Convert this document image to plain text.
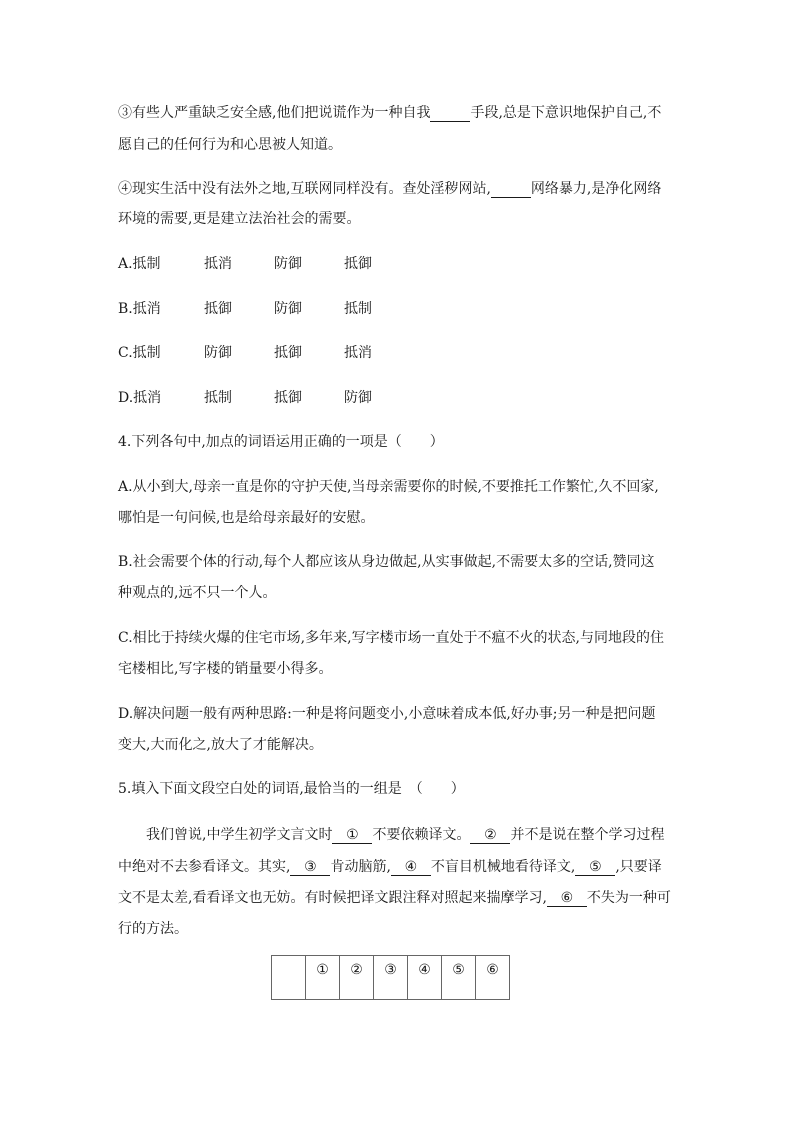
③有些人严重缺乏安全感,他们把说谎作为一种自我	手段,总是下意识地保护自己,不
愿自己的任何行为和心思被人知道。
④现实生活中没有法外之地,互联网同样没有。查处淫秽网站,	网络暴力,是净化网络
环境的需要,更是建立法治社会的需要。
A.抵制	抵消	防御	抵御
B.抵消	抵御	防御	抵制
C.抵制	防御	抵御	抵消
D.抵消	抵制	抵御	防御
4.下列各句中,加点的词语运用正确的一项是（　　）
A.从小到大,母亲一直是你的守护天使,当母亲需要你的时候,不要推托工作繁忙,久不回家,
哪怕是一句问候,也是给母亲最好的安慰。
B.社会需要个体的行动,每个人都应该从身边做起,从实事做起,不需要太多的空话,赞同这
种观点的,远不只一个人。
C.相比于持续火爆的住宅市场,多年来,写字楼市场一直处于不瘟不火的状态,与同地段的住
宅楼相比,写字楼的销量要小得多。
D.解决问题一般有两种思路:一种是将问题变小,小意味着成本低,好办事;另一种是把问题
变大,大而化之,放大了才能解决。
5.填入下面文段空白处的词语,最恰当的一组是　（　　）
我们曾说,中学生初学文言文时 ① 不要依赖译文。 ② 并不是说在整个学习过程
中绝对不去参看译文。其实, ③ 肯动脑筋, ④ 不盲目机械地看待译文, ⑤ ,只要译
文不是太差,看看译文也无妨。有时候把译文跟注释对照起来揣摩学习, ⑥ 不失为一种可
行的方法。
	①	②	③	④	⑤	⑥
